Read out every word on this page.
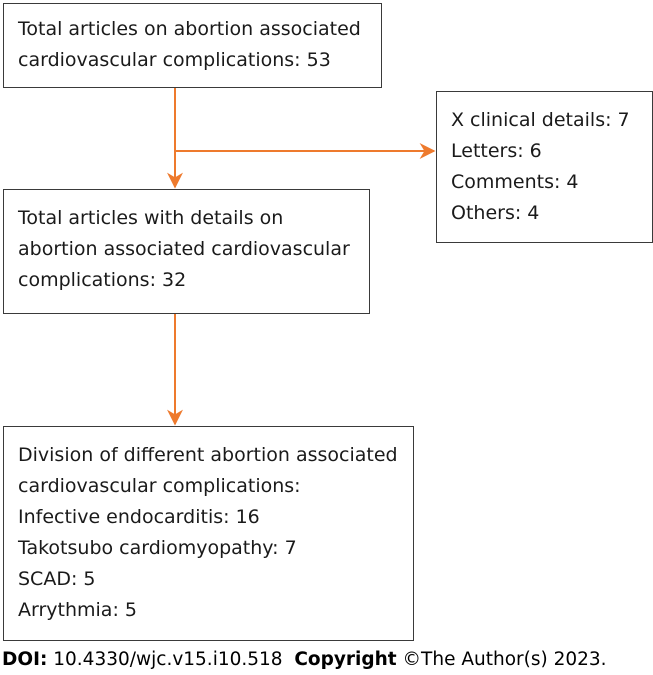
Total articles on abortion associated
cardiovascular complications: 53
X clinical details: 7
Letters: 6
Comments: 4
Others: 4
Total articles with details on
abortion associated cardiovascular
complications: 32
Division of different abortion associated
cardiovascular complications:
Infective endocarditis: 16
Takotsubo cardiomyopathy: 7
SCAD: 5
Arrythmia: 5
DOI: 10.4330/wjc.v15.i10.518 Copyright ©The Author(s) 2023.
